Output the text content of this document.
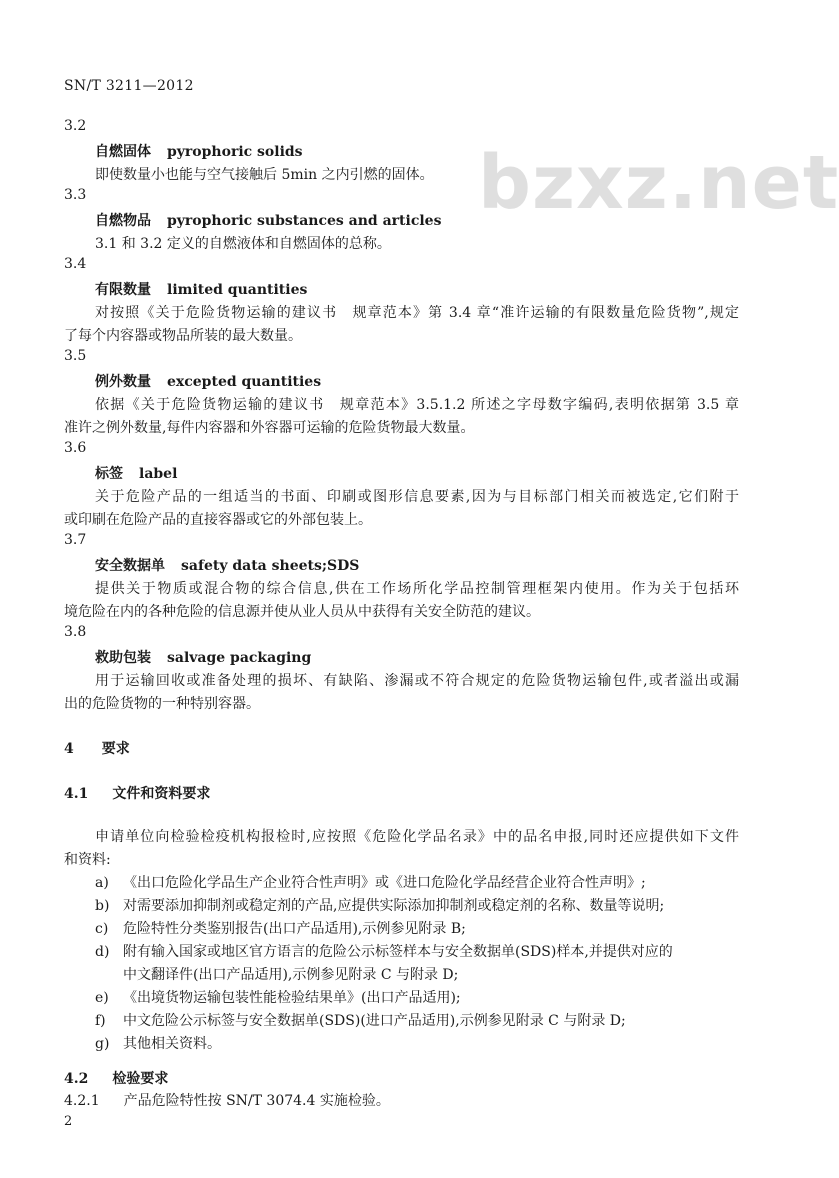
SN/T 3211—2012
bzxz.net
3.2
自燃固体 pyrophoric solids
即使数量小也能与空气接触后 5min 之内引燃的固体。
3.3
自燃物品 pyrophoric substances and articles
3.1 和 3.2 定义的自燃液体和自燃固体的总称。
3.4
有限数量 limited quantities
对按照《关于危险货物运输的建议书　规章范本》第 3.4 章“准许运输的有限数量危险货物”,规定
了每个内容器或物品所装的最大数量。
3.5
例外数量 excepted quantities
依据《关于危险货物运输的建议书　规章范本》3.5.1.2 所述之字母数字编码,表明依据第 3.5 章
准许之例外数量,每件内容器和外容器可运输的危险货物最大数量。
3.6
标签 label
关于危险产品的一组适当的书面、印刷或图形信息要素,因为与目标部门相关而被选定,它们附于
或印刷在危险产品的直接容器或它的外部包装上。
3.7
安全数据单 safety data sheets;SDS
提供关于物质或混合物的综合信息,供在工作场所化学品控制管理框架内使用。作为关于包括环
境危险在内的各种危险的信息源并使从业人员从中获得有关安全防范的建议。
3.8
救助包装 salvage packaging
用于运输回收或准备处理的损坏、有缺陷、渗漏或不符合规定的危险货物运输包件,或者溢出或漏
出的危险货物的一种特别容器。
4 要求
4.1 文件和资料要求
申请单位向检验检疫机构报检时,应按照《危险化学品名录》中的品名申报,同时还应提供如下文件
和资料:
a) 《出口危险化学品生产企业符合性声明》或《进口危险化学品经营企业符合性声明》;
b) 对需要添加抑制剂或稳定剂的产品,应提供实际添加抑制剂或稳定剂的名称、数量等说明;
c) 危险特性分类鉴别报告(出口产品适用),示例参见附录 B;
d) 附有输入国家或地区官方语言的危险公示标签样本与安全数据单(SDS)样本,并提供对应的
中文翻译件(出口产品适用),示例参见附录 C 与附录 D;
e) 《出境货物运输包装性能检验结果单》(出口产品适用);
f) 中文危险公示标签与安全数据单(SDS)(进口产品适用),示例参见附录 C 与附录 D;
g) 其他相关资料。
4.2 检验要求
4.2.1 产品危险特性按 SN/T 3074.4 实施检验。
2
